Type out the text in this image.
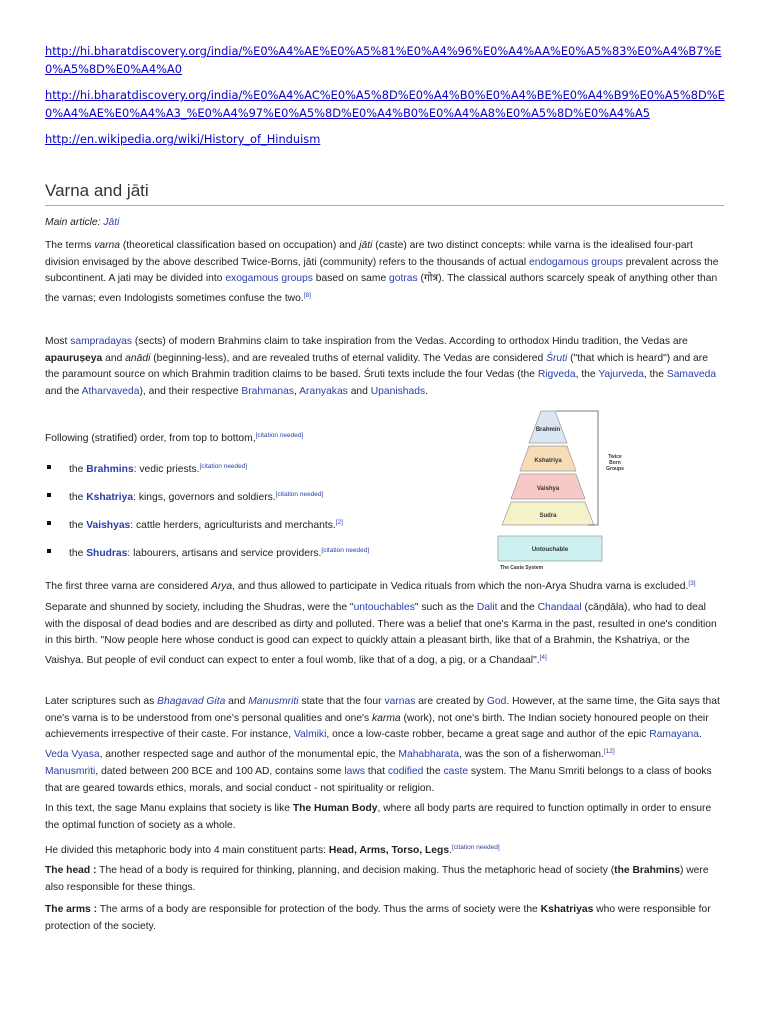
http://hi.bharatdiscovery.org/india/%E0%A4%AE%E0%A5%81%E0%A4%96%E0%A4%AA%E0%A5%83%E0%A4%B7%E0%A5%8D%E0%A4%A0
http://hi.bharatdiscovery.org/india/%E0%A4%AC%E0%A5%8D%E0%A4%B0%E0%A4%BE%E0%A4%B9%E0%A5%8D%E0%A4%AE%E0%A4%A3_%E0%A4%97%E0%A5%8D%E0%A4%B0%E0%A4%A8%E0%A5%8D%E0%A4%A5
http://en.wikipedia.org/wiki/History_of_Hinduism
Varna and jāti
Main article: Jāti
The terms varna (theoretical classification based on occupation) and jāti (caste) are two distinct concepts: while varna is the idealised four-part division envisaged by the above described Twice-Borns, jāti (community) refers to the thousands of actual endogamous groups prevalent across the subcontinent. A jati may be divided into exogamous groups based on same gotras (गोत्र). The classical authors scarcely speak of anything other than the varnas; even Indologists sometimes confuse the two.[8]
Most sampradayas (sects) of modern Brahmins claim to take inspiration from the Vedas. According to orthodox Hindu tradition, the Vedas are apauruṣeya and anādi (beginning-less), and are revealed truths of eternal validity. The Vedas are considered Śruti ("that which is heard") and are the paramount source on which Brahmin tradition claims to be based. Śruti texts include the four Vedas (the Rigveda, the Yajurveda, the Samaveda and the Atharvaveda), and their respective Brahmanas, Aranyakas and Upanishads.
Following (stratified) order, from top to bottom,[citation needed]
the Brahmins: vedic priests.[citation needed]
the Kshatriya: kings, governors and soldiers.[citation needed]
the Vaishyas: cattle herders, agriculturists and merchants.[2]
the Shudras: labourers, artisans and service providers.[citation needed]
Brahmin
Kshatriya
Vaishya
Sudra
Untouchable
Twice
Born
Groups
The Caste System
The first three varna are considered Arya, and thus allowed to participate in Vedica rituals from which the non-Arya Shudra varna is excluded.[3]
Separate and shunned by society, including the Shudras, were the "untouchables" such as the Dalit and the Chandaal (cāṇḍāla), who had to deal with the disposal of dead bodies and are described as dirty and polluted. There was a belief that one's Karma in the past, resulted in one's condition in this birth. "Now people here whose conduct is good can expect to quickly attain a pleasant birth, like that of a Brahmin, the Kshatriya, or the Vaishya. But people of evil conduct can expect to enter a foul womb, like that of a dog, a pig, or a Chandaal".[4]
Later scriptures such as Bhagavad Gita and Manusmriti state that the four varnas are created by God. However, at the same time, the Gita says that one's varna is to be understood from one's personal qualities and one's karma (work), not one's birth. The Indian society honoured people on their achievements irrespective of their caste. For instance, Valmiki, once a low-caste robber, became a great sage and author of the epic Ramayana. Veda Vyasa, another respected sage and author of the monumental epic, the Mahabharata, was the son of a fisherwoman.[12]
Manusmriti, dated between 200 BCE and 100 AD, contains some laws that codified the caste system. The Manu Smriti belongs to a class of books that are geared towards ethics, morals, and social conduct - not spirituality or religion.
In this text, the sage Manu explains that society is like The Human Body, where all body parts are required to function optimally in order to ensure the optimal function of society as a whole.
He divided this metaphoric body into 4 main constituent parts: Head, Arms, Torso, Legs.[citation needed]
The head : The head of a body is required for thinking, planning, and decision making. Thus the metaphoric head of society (the Brahmins) were also responsible for these things.
The arms : The arms of a body are responsible for protection of the body. Thus the arms of society were the Kshatriyas who were responsible for protection of the society.
